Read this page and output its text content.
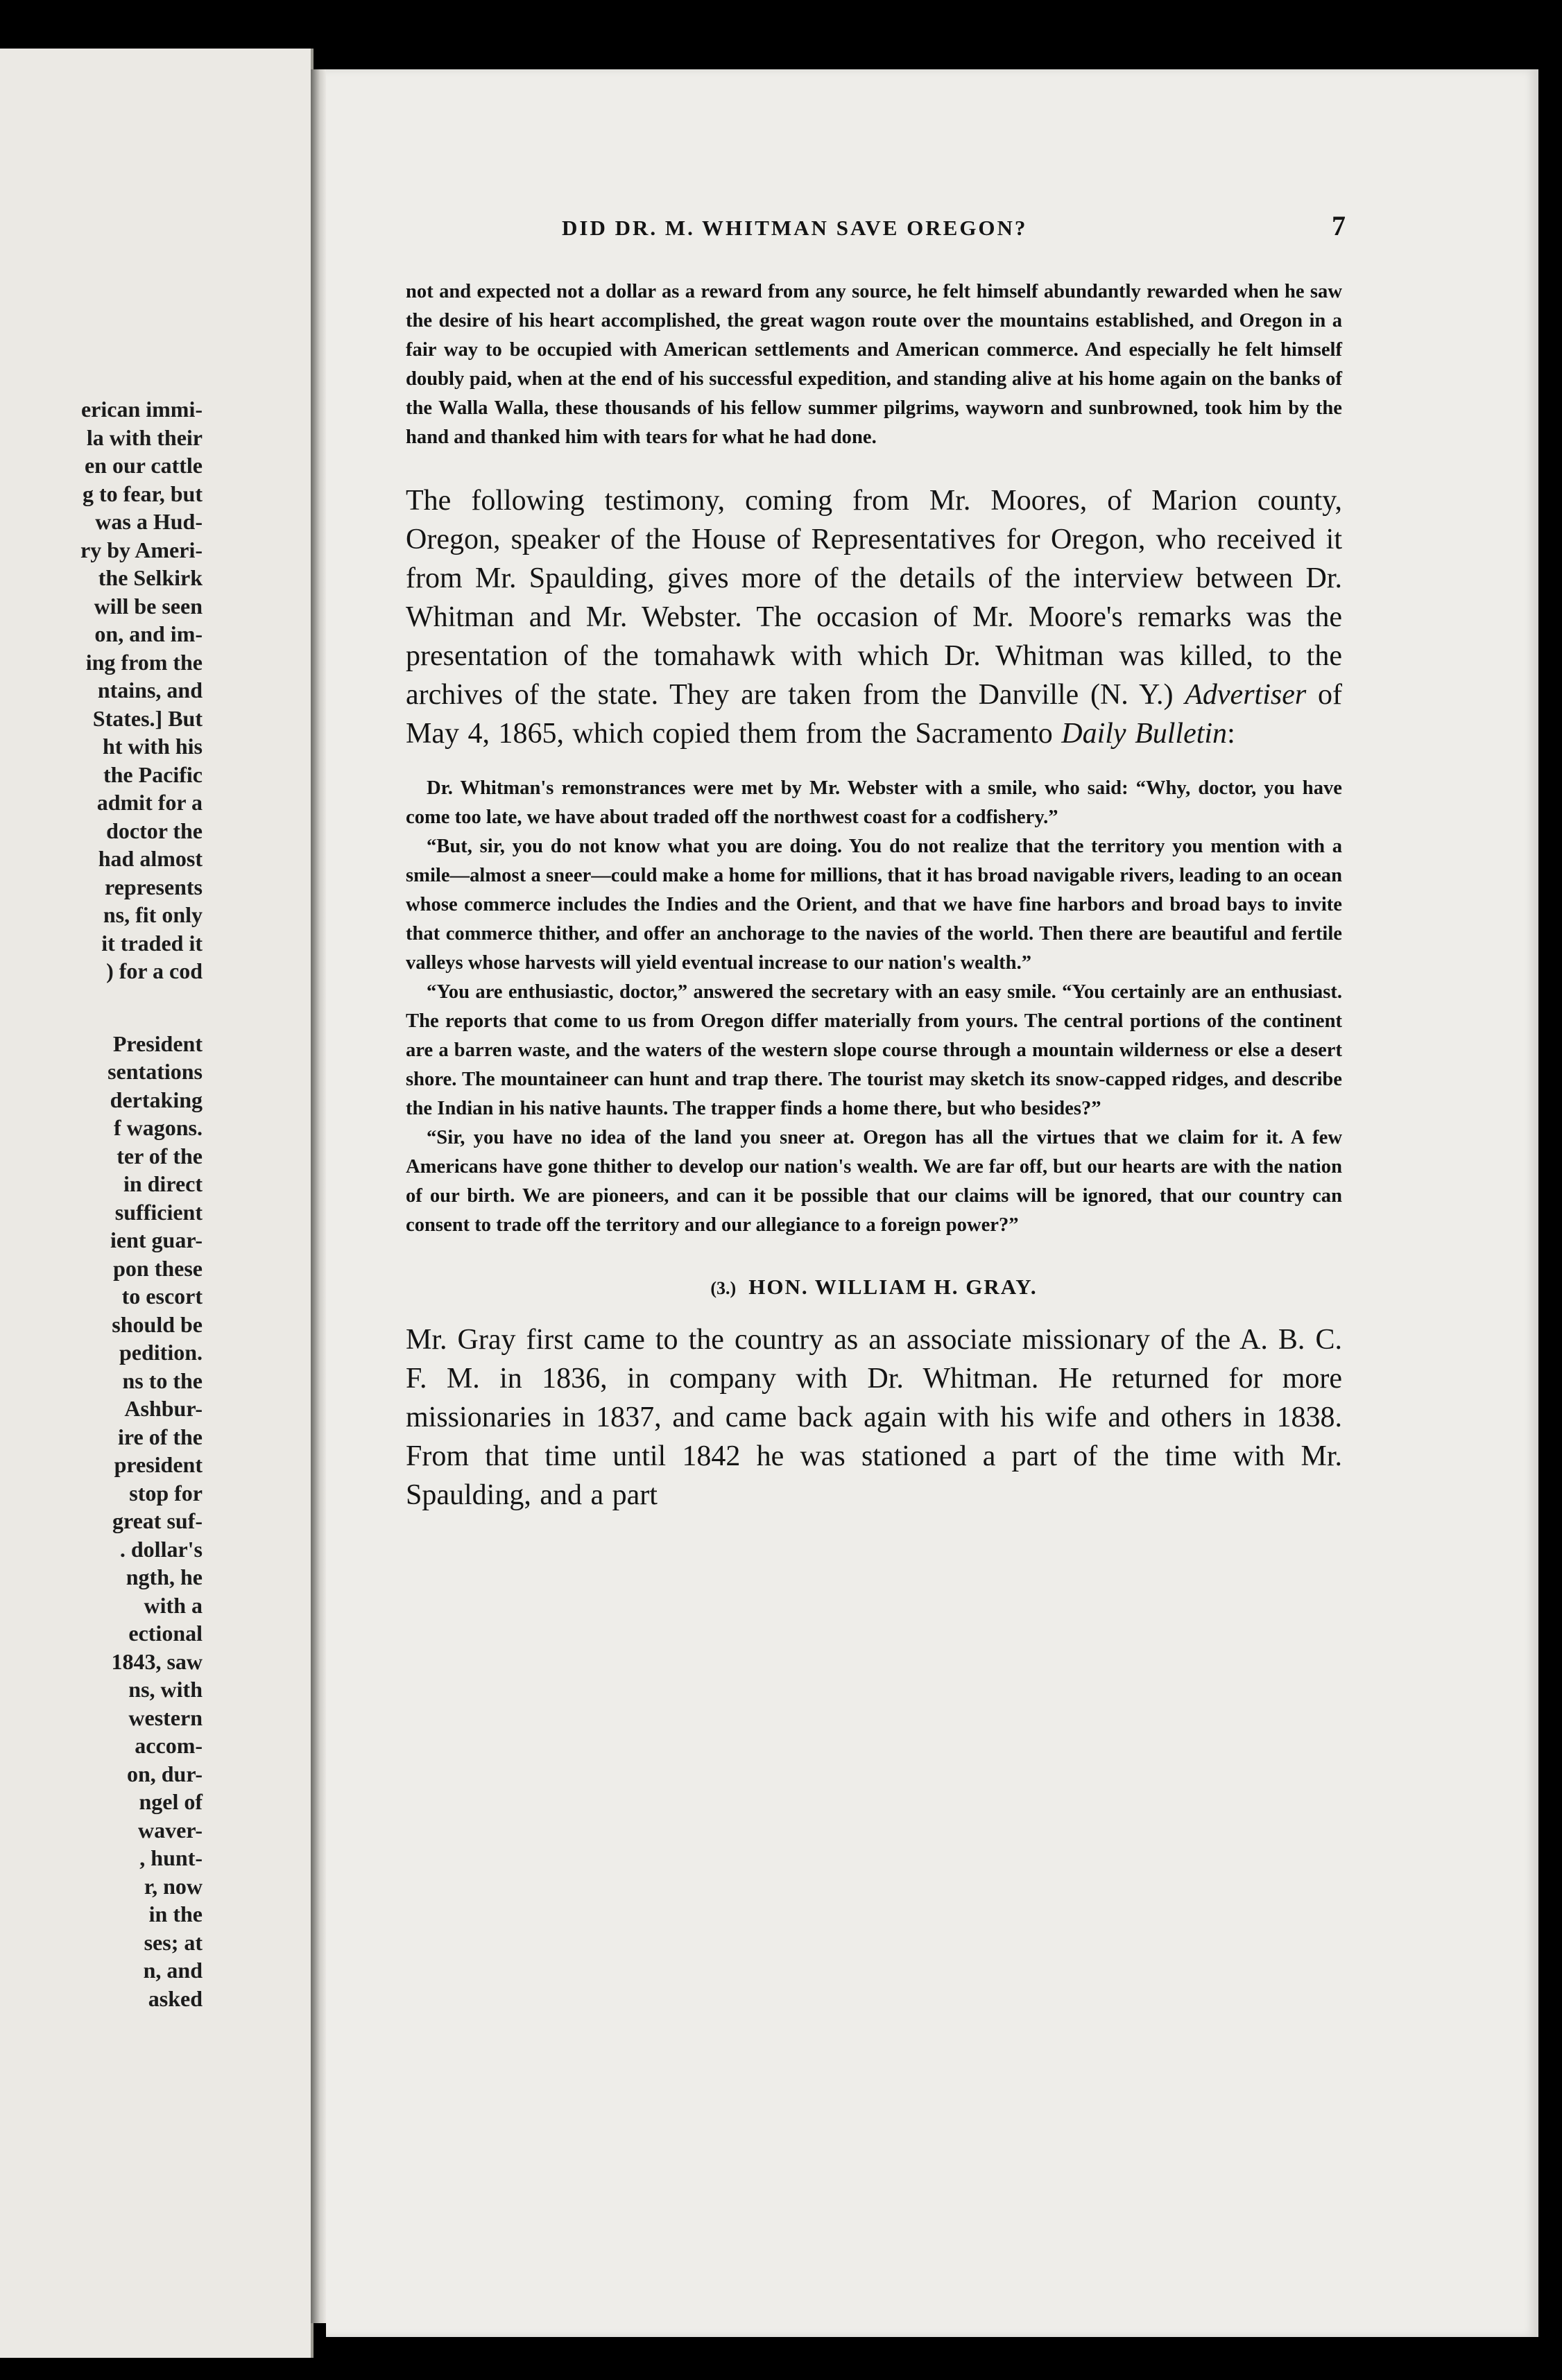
erican immi-
la with their
en our cattle
g to fear, but
was a Hud-
ry by Ameri-
the Selkirk
will be seen
on, and im-
ing from the
ntains, and
States.] But
ht with his
the Pacific
admit for a
doctor the
had almost
represents
ns, fit only
it traded it
) for a cod
President
sentations
dertaking
f wagons.
ter of the
in direct
sufficient
ient guar-
pon these
to escort
should be
pedition.
ns to the
Ashbur-
ire of the
president
stop for
great suf-
. dollar's
ngth, he
with a
ectional
1843, saw
ns, with
western
accom-
on, dur-
ngel of
waver-
, hunt-
r, now
in the
ses; at
n, and
asked
DID DR. M. WHITMAN SAVE OREGON?	7

not and expected not a dollar as a reward from any source, he felt himself abundantly rewarded when he saw the desire of his heart accomplished, the great wagon route over the mountains established, and Oregon in a fair way to be occupied with American settlements and American commerce. And especially he felt himself doubly paid, when at the end of his successful expedition, and standing alive at his home again on the banks of the Walla Walla, these thousands of his fellow summer pilgrims, wayworn and sunbrowned, took him by the hand and thanked him with tears for what he had done.

The following testimony, coming from Mr. Moores, of Marion county, Oregon, speaker of the House of Representatives for Oregon, who received it from Mr. Spaulding, gives more of the details of the interview between Dr. Whitman and Mr. Webster. The occasion of Mr. Moore's remarks was the presentation of the tomahawk with which Dr. Whitman was killed, to the archives of the state. They are taken from the Danville (N. Y.) Advertiser of May 4, 1865, which copied them from the Sacramento Daily Bulletin:

Dr. Whitman's remonstrances were met by Mr. Webster with a smile, who said: “Why, doctor, you have come too late, we have about traded off the northwest coast for a codfishery.”

“But, sir, you do not know what you are doing. You do not realize that the territory you mention with a smile—almost a sneer—could make a home for millions, that it has broad navigable rivers, leading to an ocean whose commerce includes the Indies and the Orient, and that we have fine harbors and broad bays to invite that commerce thither, and offer an anchorage to the navies of the world. Then there are beautiful and fertile valleys whose harvests will yield eventual increase to our nation's wealth.”

“You are enthusiastic, doctor,” answered the secretary with an easy smile. “You certainly are an enthusiast. The reports that come to us from Oregon differ materially from yours. The central portions of the continent are a barren waste, and the waters of the western slope course through a mountain wilderness or else a desert shore. The mountaineer can hunt and trap there. The tourist may sketch its snow-capped ridges, and describe the Indian in his native haunts. The trapper finds a home there, but who besides?”

“Sir, you have no idea of the land you sneer at. Oregon has all the virtues that we claim for it. A few Americans have gone thither to develop our nation's wealth. We are far off, but our hearts are with the nation of our birth. We are pioneers, and can it be possible that our claims will be ignored, that our country can consent to trade off the territory and our allegiance to a foreign power?”

(3.) HON. WILLIAM H. GRAY.

Mr. Gray first came to the country as an associate missionary of the A. B. C. F. M. in 1836, in company with Dr. Whitman. He returned for more missionaries in 1837, and came back again with his wife and others in 1838. From that time until 1842 he was stationed a part of the time with Mr. Spaulding, and a part
